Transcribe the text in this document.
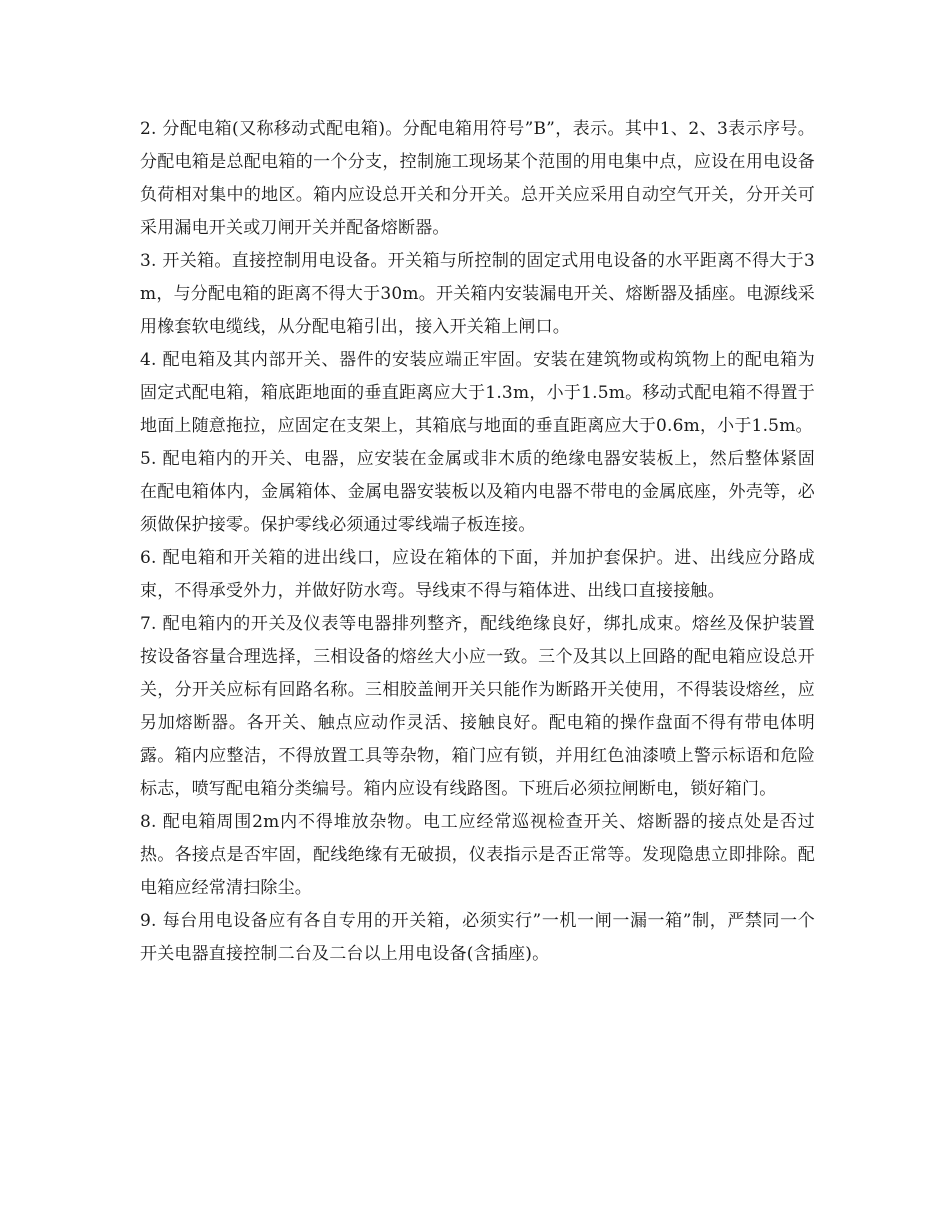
2. 分配电箱(又称移动式配电箱)。分配电箱用符号”B”，表示。其中1、2、3表示序号。分配电箱是总配电箱的一个分支，控制施工现场某个范围的用电集中点，应设在用电设备负荷相对集中的地区。箱内应设总开关和分开关。总开关应采用自动空气开关，分开关可采用漏电开关或刀闸开关并配备熔断器。

3. 开关箱。直接控制用电设备。开关箱与所控制的固定式用电设备的水平距离不得大于3m，与分配电箱的距离不得大于30m。开关箱内安装漏电开关、熔断器及插座。电源线采用橡套软电缆线，从分配电箱引出，接入开关箱上闸口。

4. 配电箱及其内部开关、器件的安装应端正牢固。安装在建筑物或构筑物上的配电箱为固定式配电箱，箱底距地面的垂直距离应大于1.3m，小于1.5m。移动式配电箱不得置于地面上随意拖拉，应固定在支架上，其箱底与地面的垂直距离应大于0.6m，小于1.5m。

5. 配电箱内的开关、电器，应安装在金属或非木质的绝缘电器安装板上，然后整体紧固在配电箱体内，金属箱体、金属电器安装板以及箱内电器不带电的金属底座，外壳等，必须做保护接零。保护零线必须通过零线端子板连接。

6. 配电箱和开关箱的进出线口，应设在箱体的下面，并加护套保护。进、出线应分路成束，不得承受外力，并做好防水弯。导线束不得与箱体进、出线口直接接触。

7. 配电箱内的开关及仪表等电器排列整齐，配线绝缘良好，绑扎成束。熔丝及保护装置按设备容量合理选择，三相设备的熔丝大小应一致。三个及其以上回路的配电箱应设总开关，分开关应标有回路名称。三相胶盖闸开关只能作为断路开关使用，不得装设熔丝，应另加熔断器。各开关、触点应动作灵活、接触良好。配电箱的操作盘面不得有带电体明露。箱内应整洁，不得放置工具等杂物，箱门应有锁，并用红色油漆喷上警示标语和危险标志，喷写配电箱分类编号。箱内应设有线路图。下班后必须拉闸断电，锁好箱门。

8. 配电箱周围2m内不得堆放杂物。电工应经常巡视检查开关、熔断器的接点处是否过热。各接点是否牢固，配线绝缘有无破损，仪表指示是否正常等。发现隐患立即排除。配电箱应经常清扫除尘。

9. 每台用电设备应有各自专用的开关箱，必须实行”一机一闸一漏一箱”制，严禁同一个开关电器直接控制二台及二台以上用电设备(含插座)。
